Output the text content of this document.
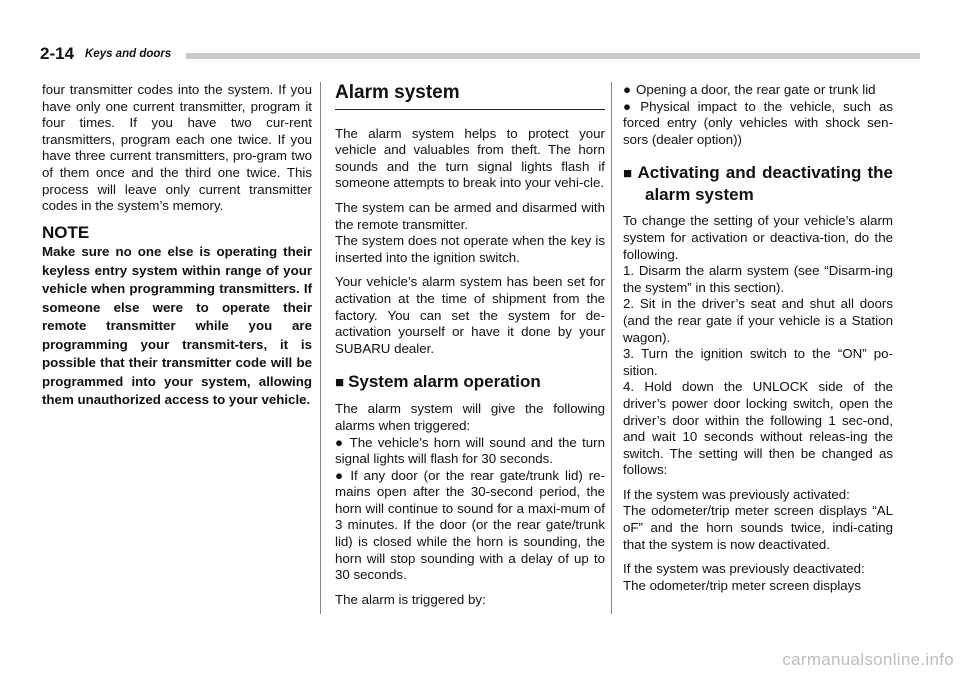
2-14 Keys and doors

four transmitter codes into the system. If you have only one current transmitter, program it four times. If you have two cur-rent transmitters, program each one twice. If you have three current transmitters, pro-gram two of them once and the third one twice. This process will leave only current transmitter codes in the system’s memory.

NOTE

Make sure no one else is operating their keyless entry system within range of your vehicle when programming transmitters. If someone else were to operate their remote transmitter while you are programming your transmit-ters, it is possible that their transmitter code will be programmed into your system, allowing them unauthorized access to your vehicle.

Alarm system

The alarm system helps to protect your vehicle and valuables from theft. The horn sounds and the turn signal lights flash if someone attempts to break into your vehi-cle.

The system can be armed and disarmed with the remote transmitter.

The system does not operate when the key is inserted into the ignition switch.

Your vehicle’s alarm system has been set for activation at the time of shipment from the factory. You can set the system for de-activation yourself or have it done by your SUBARU dealer.

■ System alarm operation

The alarm system will give the following alarms when triggered:

● The vehicle’s horn will sound and the turn signal lights will flash for 30 seconds.

● If any door (or the rear gate/trunk lid) re-mains open after the 30-second period, the horn will continue to sound for a maxi-mum of 3 minutes. If the door (or the rear gate/trunk lid) is closed while the horn is sounding, the horn will stop sounding with a delay of up to 30 seconds.

The alarm is triggered by:

● Opening a door, the rear gate or trunk lid

● Physical impact to the vehicle, such as forced entry (only vehicles with shock sen-sors (dealer option))

■ Activating and deactivating the alarm system

To change the setting of your vehicle’s alarm system for activation or deactiva-tion, do the following.

1. Disarm the alarm system (see “Disarm-ing the system” in this section).

2. Sit in the driver’s seat and shut all doors (and the rear gate if your vehicle is a Station wagon).

3. Turn the ignition switch to the “ON” po-sition.

4. Hold down the UNLOCK side of the driver’s power door locking switch, open the driver’s door within the following 1 sec-ond, and wait 10 seconds without releas-ing the switch. The setting will then be changed as follows:

If the system was previously activated:

The odometer/trip meter screen displays “AL oF” and the horn sounds twice, indi-cating that the system is now deactivated.

If the system was previously deactivated:

The odometer/trip meter screen displays

carmanualsonline.info
